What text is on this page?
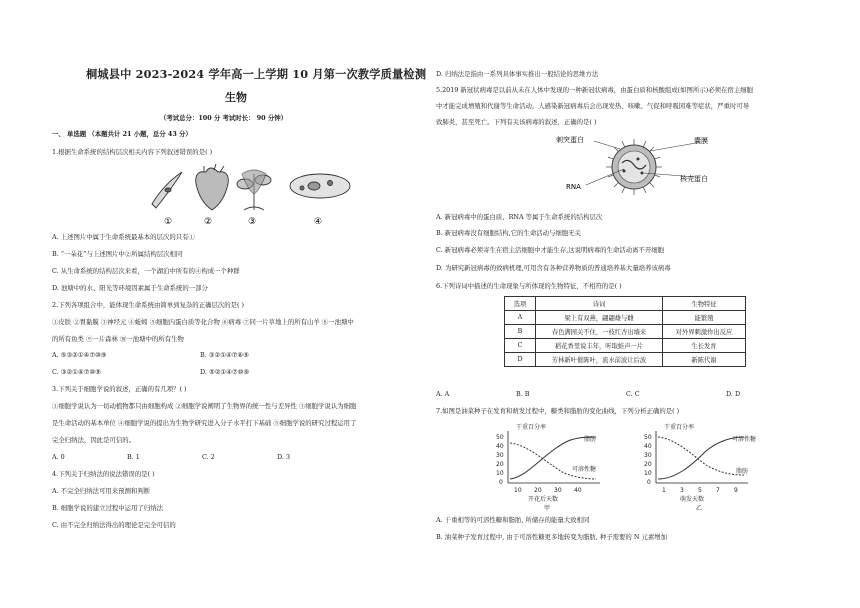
桐城县中 2023-2024 学年高一上学期 10 月第一次教学质量检测
生物
（考试总分：100 分 考试时长： 90 分钟）
一、 单选题 （本题共计 21 小题，总分 43 分）
1.根据生命系统的结构层次相关内容下列叙述错误的是( )
①	②	③	④
A. 上述图片中属于生命系统最基本的层次的只有①
B. “一朵花”与上述图片中②所属结构层次相同
C. 从生命系统的结构层次来看，一个湖泊中所有的④构成一个种群
D. 池塘中的水、阳光等环境因素属于生命系统的一部分
2.下列各项组合中，能体现生命系统由简单到复杂的正确层次的是( )
①皮肤 ②胃黏膜 ③神经元 ④蚯蚓 ⑤细胞内蛋白质等化合物 ⑥病毒 ⑦同一片草地上的所有山羊 ⑧一池塘中
的所有鱼类 ⑨一片森林 ⑩一池塘中的所有生物
A. ⑤③②①④⑦⑩⑨	B. ③②①④⑦⑧⑨
C. ③②①④⑦⑩⑨	D. ⑤②①④⑦⑩⑨
3.下列关于细胞学说的叙述，正确的有几项？( )
①细胞学说认为一切动植物都只由细胞构成 ②细胞学说阐明了生物界的统一性与差异性 ③细胞学说认为细胞
是生命活动的基本单位 ④细胞学说的提出为生物学研究进入分子水平打下基础 ⑤细胞学说的研究过程运用了
完全归纳法，因此是可信的。
A. 0	B. 1	C. 2	D. 3
4.下列关于归纳法的说法错误的是( )
A. 不完全归纳法可用来预测和判断
B. 细胞学说的建立过程中运用了归纳法
C. 由不完全归纳法得出的理论是完全可信的
D. 归纳法是指由一系列具体事实推出一般结论的思维方法
5.2019 新冠状病毒是以前从未在人体中发现的一种新冠状病毒，由蛋白质和核酸组成(如图所示)必须在宿主细胞
中才能完成增殖和代谢等生命活动，人感染新冠病毒后会出现发热、咳嗽、气促和呼吸困难等症状，严重时可导
致肺炎，甚至死亡。下列有关该病毒的叙述，正确的是( )
刺突蛋白	囊膜
RNA
核壳蛋白
A. 新冠病毒中的蛋白质、RNA 等属于生命系统的结构层次
B. 新冠病毒没有细胞结构,它的生命活动与细胞无关
C. 新冠病毒必须寄生在宿主活细胞中才能生存,这说明病毒的生命活动离不开细胞
D. 为研究新冠病毒的致病机理,可用含有各种营养物质的普通培养基大量培养该病毒
6.下列诗词中描述的生命现象与所体现的生物特征，不相符的是( )
选项	诗词	生物特征
A	梁上有双燕，翩翩雄与雌	能繁殖
B	春色满园关不住，一枝红杏出墙来	对外界刺激作出反应
C	稻花香里说丰年，听取蛙声一片	生长发育
D	芳林新叶催陈叶，流水前波让后波	新陈代谢
A. A	B. B	C. C	D. D
7.如图是油菜种子在发育和萌发过程中，糖类和脂肪的变化曲线，下列分析正确的是( )
干重百分率
50
40
30
20
10
0
10 20 30 40
开花后天数
甲
脂肪
可溶性糖
干重百分率
50
40
30
20
10
0
1 3 5 7 9
萌发天数
乙
可溶性糖
脂肪
A. 干重相等的可溶性糖和脂肪, 所储存的能量大致相同
B. 油菜种子发育过程中, 由于可溶性糖更多地转变为脂肪, 种子需要的 N 元素增加
